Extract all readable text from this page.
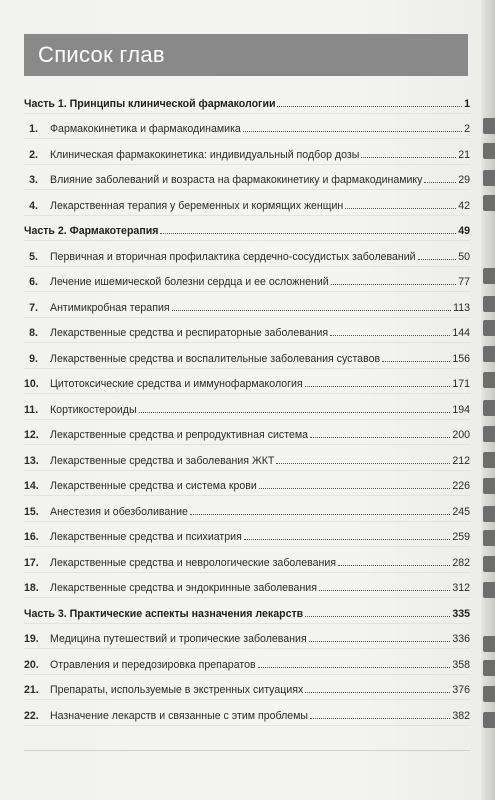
Список глав
Часть 1. Принципы клинической фармакологии	1
1. Фармакокинетика и фармакодинамика	2
2. Клиническая фармакокинетика: индивидуальный подбор дозы	21
3. Влияние заболеваний и возраста на фармакокинетику и фармакодинамику	29
4. Лекарственная терапия у беременных и кормящих женщин	42
Часть 2. Фармакотерапия	49
5. Первичная и вторичная профилактика сердечно-сосудистых заболеваний	50
6. Лечение ишемической болезни сердца и ее осложнений	77
7. Антимикробная терапия	113
8. Лекарственные средства и респираторные заболевания	144
9. Лекарственные средства и воспалительные заболевания суставов	156
10. Цитотоксические средства и иммунофармакология	171
11. Кортикостероиды	194
12. Лекарственные средства и репродуктивная система	200
13. Лекарственные средства и заболевания ЖКТ	212
14. Лекарственные средства и система крови	226
15. Анестезия и обезболивание	245
16. Лекарственные средства и психиатрия	259
17. Лекарственные средства и неврологические заболевания	282
18. Лекарственные средства и эндокринные заболевания	312
Часть 3. Практические аспекты назначения лекарств	335
19. Медицина путешествий и тропические заболевания	336
20. Отравления и передозировка препаратов	358
21. Препараты, используемые в экстренных ситуациях	376
22. Назначение лекарств и связанные с этим проблемы	382
